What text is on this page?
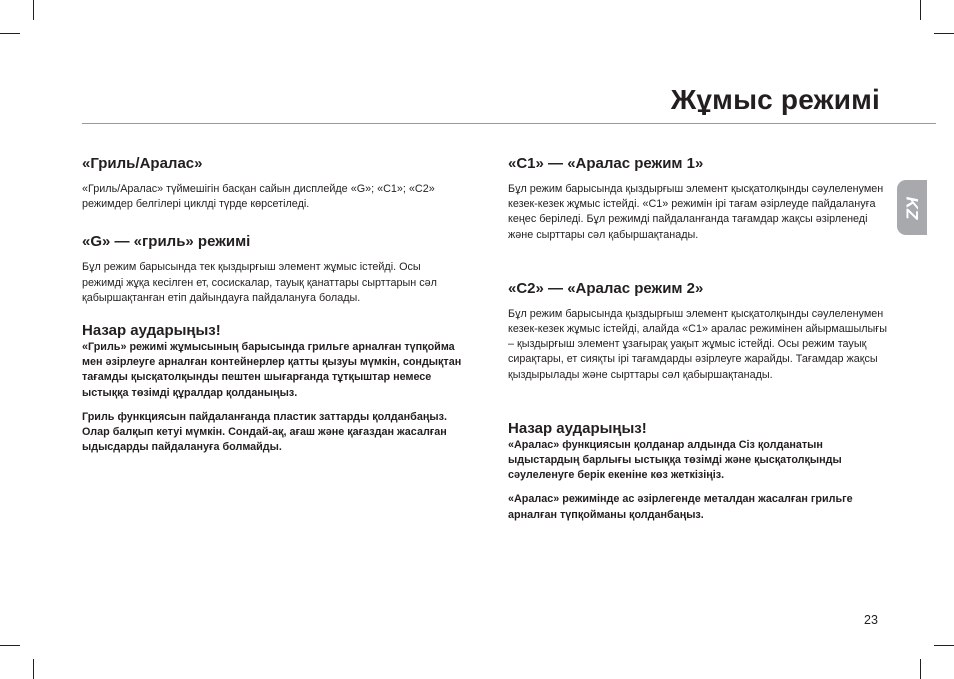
Жұмыс режимі
KZ
«Гриль/Аралас»

«Гриль/Аралас» түймешігін басқан сайын дисплейде «G»; «C1»; «C2» режимдер белгілері циклді түрде көрсетіледі.

«G» — «гриль» режимі

Бұл режим барысында тек қыздырғыш элемент жұмыс істейді. Осы режимді жұқа кесілген ет, сосискалар, тауық қанаттары сырттарын сәл қабыршақтанған етіп дайындауға пайдалануға болады.

Назар аударыңыз!

«Гриль» режимі жұмысының барысында грильге арналған түпқойма мен әзірлеуге арналған контейнерлер қатты қызуы мүмкін, сондықтан тағамды қысқатолқынды пештен шығарғанда тұтқыштар немесе ыстыққа төзімді құралдар қолданыңыз.

Гриль функциясын пайдаланғанда пластик заттарды қолданбаңыз. Олар балқып кетуі мүмкін. Сондай-ақ, ағаш және қағаздан жасалған ыдысдарды пайдалануға болмайды.

«C1» — «Аралас режим 1»

Бұл режим барысында қыздырғыш элемент қысқатолқынды сәулеленумен кезек-кезек жұмыс істейді. «C1» режимін ірі тағам әзірлеуде пайдалануға кеңес беріледі. Бұл режимді пайдаланғанда тағамдар жақсы әзірленеді және сырттары сәл қабыршақтанады.

«C2» — «Аралас режим 2»

Бұл режим барысында қыздырғыш элемент қысқатолқынды сәулеленумен кезек-кезек жұмыс істейді, алайда «C1» аралас режимінен айырмашылығы – қыздырғыш элемент ұзағырақ уақыт жұмыс істейді. Осы режим тауық сирақтары, ет сияқты ірі тағамдарды әзірлеуге жарайды. Тағамдар жақсы қыздырылады және сырттары сәл қабыршақтанады.

Назар аударыңыз!

«Аралас» функциясын қолданар алдында Сіз қолданатын ыдыстардың барлығы ыстыққа төзімді және қысқатолқынды сәулеленуге берік екеніне көз жеткізіңіз.

«Аралас» режимінде ас әзірлегенде металдан жасалған грильге арналған түпқойманы қолданбаңыз.

23
